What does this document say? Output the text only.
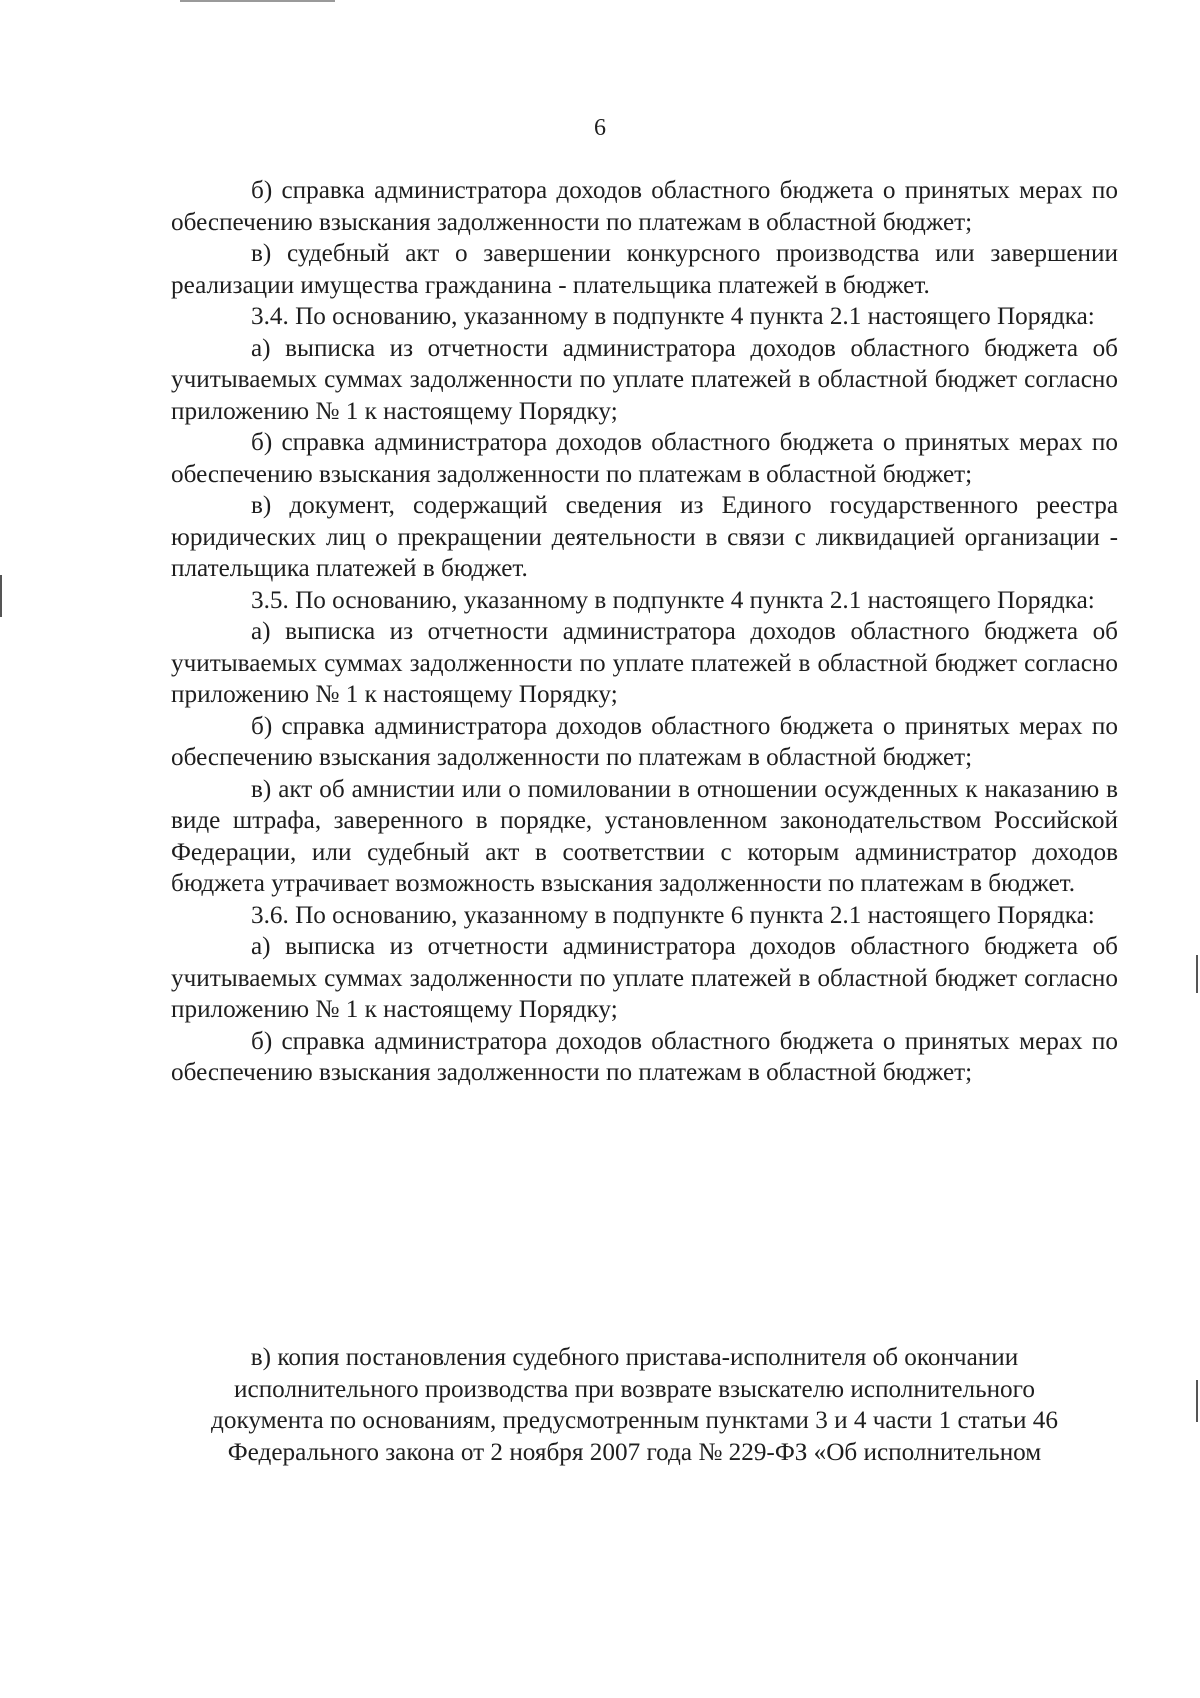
6

б) справка администратора доходов областного бюджета о принятых мерах по обеспечению взыскания задолженности по платежам в областной бюджет;

в) судебный акт о завершении конкурсного производства или завершении реализации имущества гражданина - плательщика платежей в бюджет.

3.4. По основанию, указанному в подпункте 4 пункта 2.1 настоящего Порядка:

а) выписка из отчетности администратора доходов областного бюджета об учитываемых суммах задолженности по уплате платежей в областной бюджет согласно приложению № 1 к настоящему Порядку;

б) справка администратора доходов областного бюджета о принятых мерах по обеспечению взыскания задолженности по платежам в областной бюджет;

в) документ, содержащий сведения из Единого государственного реестра юридических лиц о прекращении деятельности в связи с ликвидацией организации - плательщика платежей в бюджет.

3.5. По основанию, указанному в подпункте 4 пункта 2.1 настоящего Порядка:

а) выписка из отчетности администратора доходов областного бюджета об учитываемых суммах задолженности по уплате платежей в областной бюджет согласно приложению № 1 к настоящему Порядку;

б) справка администратора доходов областного бюджета о принятых мерах по обеспечению взыскания задолженности по платежам в областной бюджет;

в) акт об амнистии или о помиловании в отношении осужденных к наказанию в виде штрафа, заверенного в порядке, установленном законодательством Российской Федерации, или судебный акт в соответствии с которым администратор доходов бюджета утрачивает возможность взыскания задолженности по платежам в бюджет.

3.6. По основанию, указанному в подпункте 6 пункта 2.1 настоящего Порядка:

а) выписка из отчетности администратора доходов областного бюджета об учитываемых суммах задолженности по уплате платежей в областной бюджет согласно приложению № 1 к настоящему Порядку;

б) справка администратора доходов областного бюджета о принятых мерах по обеспечению взыскания задолженности по платежам в областной бюджет;

в) копия постановления судебного пристава-исполнителя об окончании
исполнительного производства при возврате взыскателю исполнительного
документа по основаниям, предусмотренным пунктами 3 и 4 части 1 статьи 46
Федерального закона от 2 ноября 2007 года № 229-ФЗ «Об исполнительном
